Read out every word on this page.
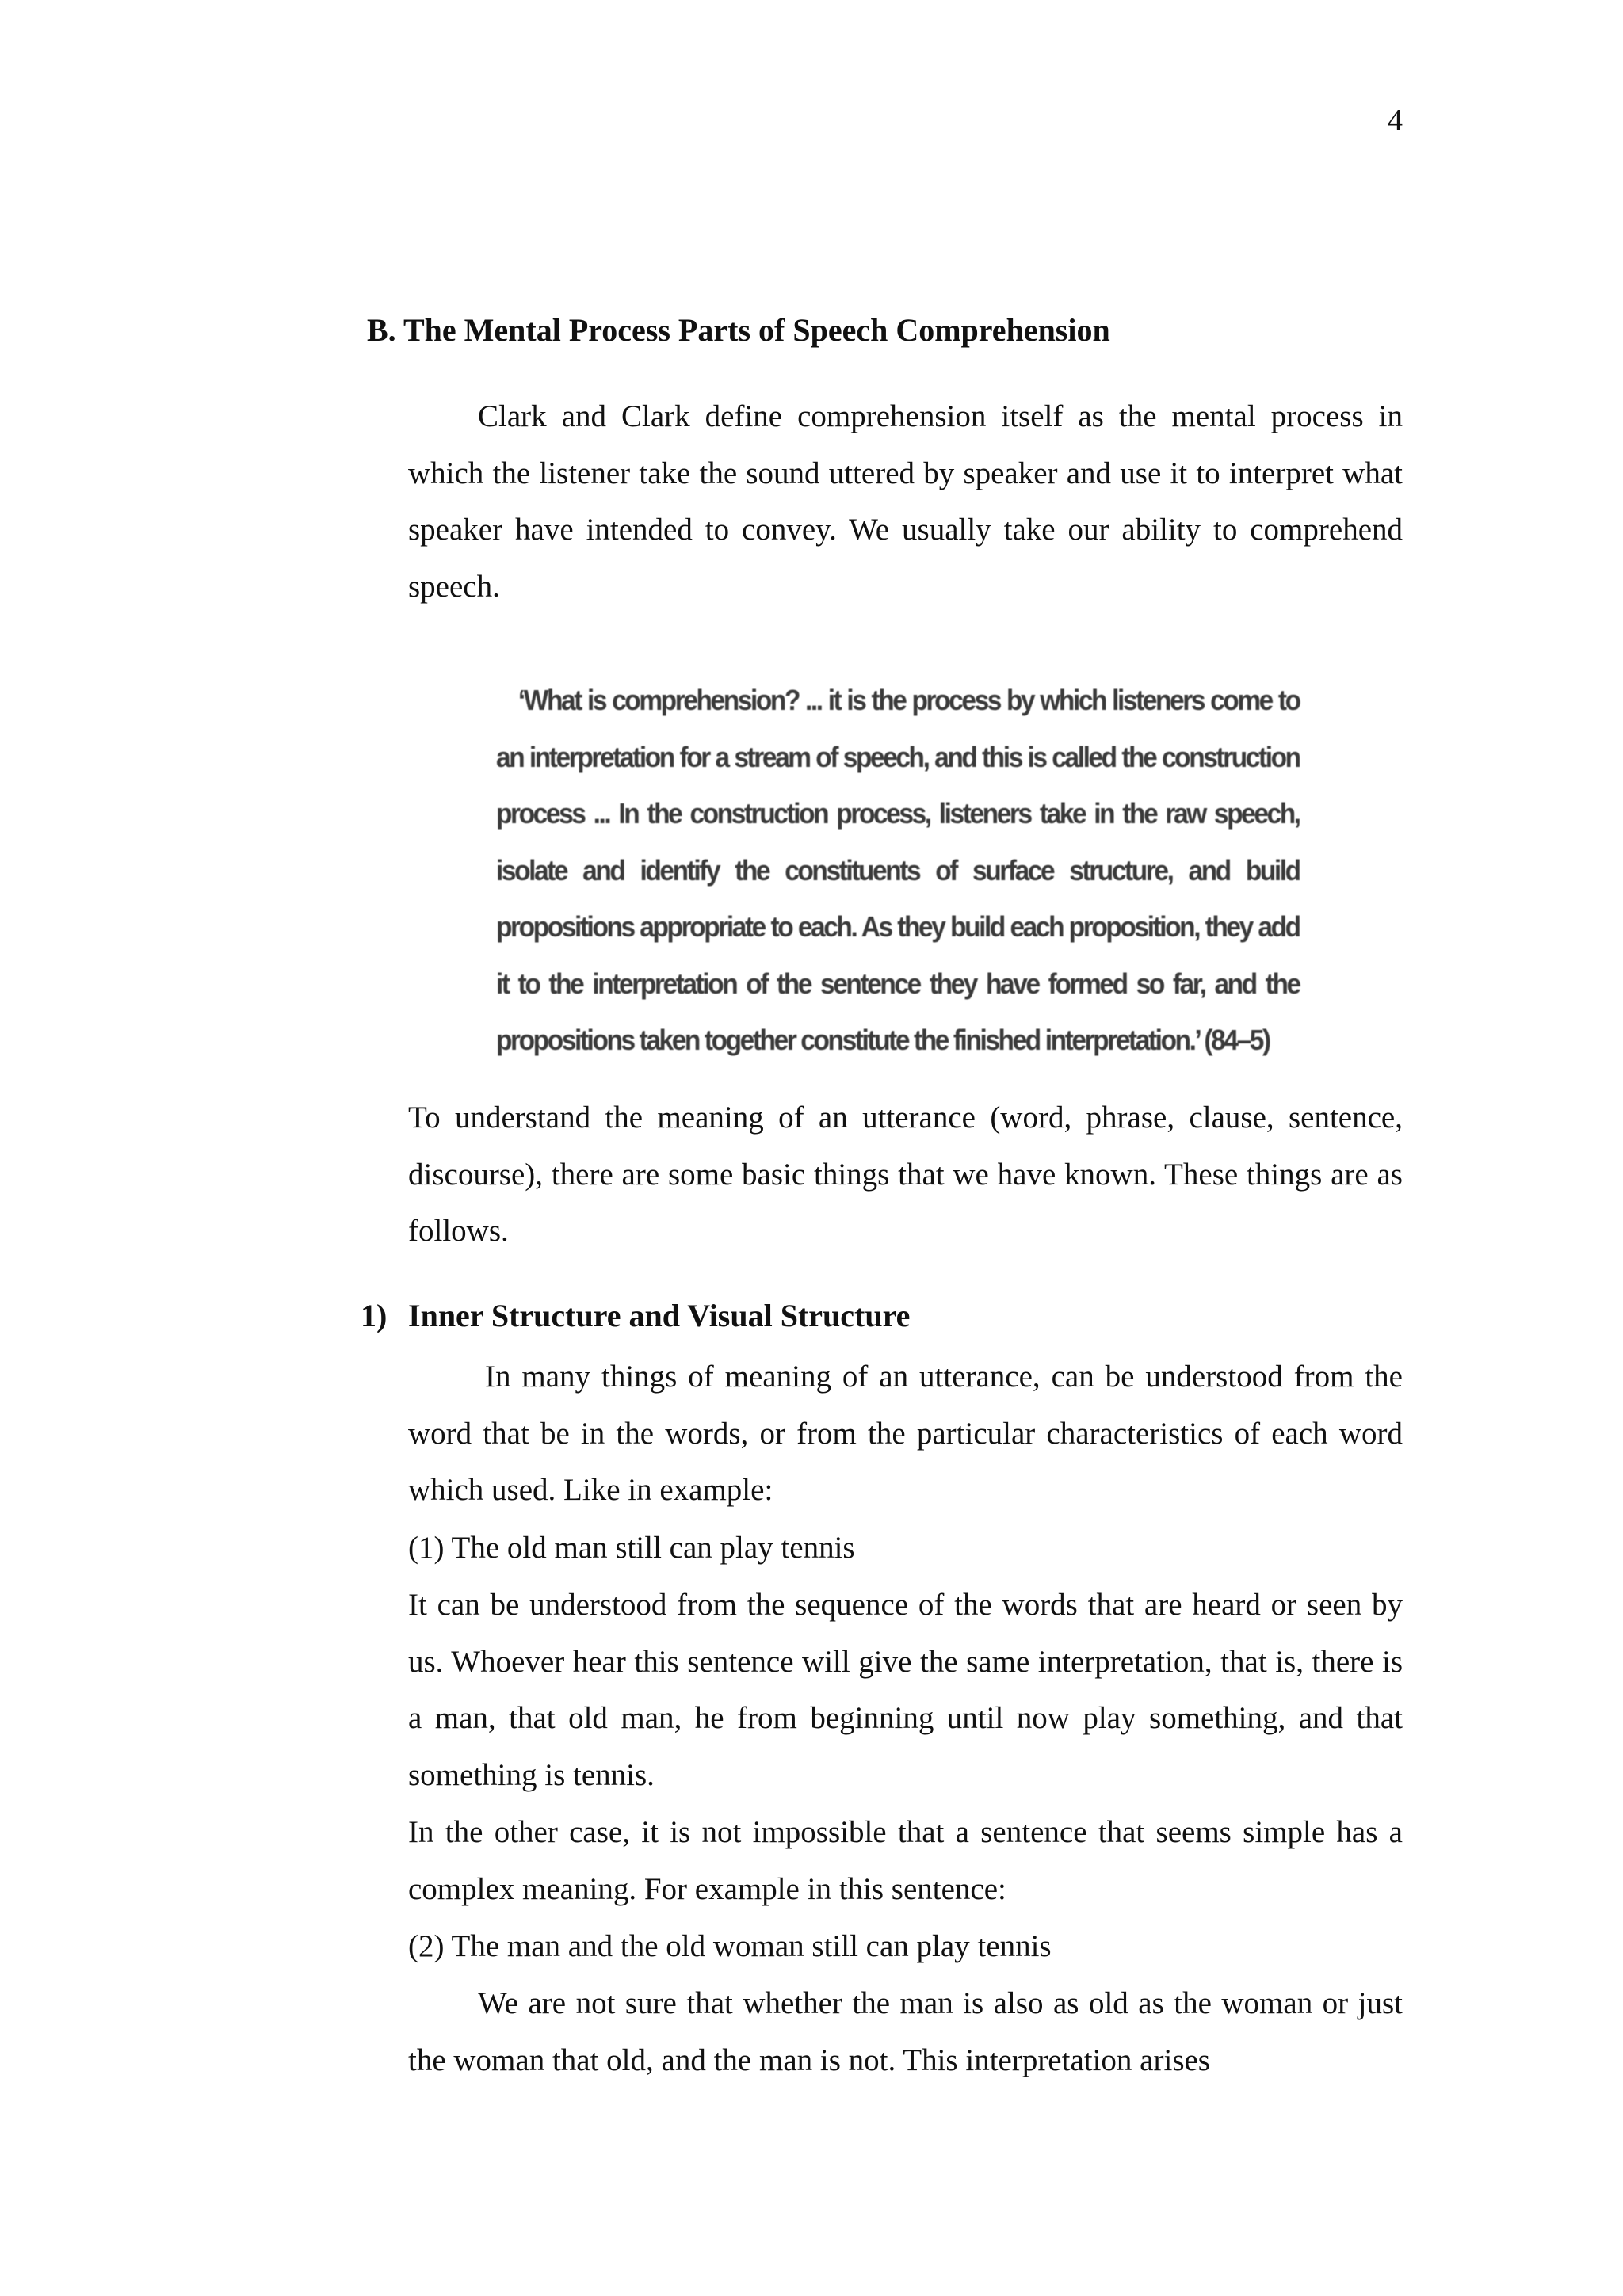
4
B. The Mental Process Parts of Speech Comprehension

Clark and Clark define comprehension itself as the mental process in which the listener take the sound uttered by speaker and use it to interpret what speaker have intended to convey. We usually take our ability to comprehend speech.

‘What is comprehension? ... it is the process by which listeners come to an interpretation for a stream of speech, and this is called the construction process ... In the construction process, listeners take in the raw speech, isolate and identify the constituents of surface structure, and build propositions appropriate to each. As they build each proposition, they add it to the interpretation of the sentence they have formed so far, and the propositions taken together constitute the finished interpretation.’ (84–5)

To understand the meaning of an utterance (word, phrase, clause, sentence, discourse), there are some basic things that we have known. These things are as follows.

1) Inner Structure and Visual Structure

In many things of meaning of an utterance, can be understood from the word that be in the words, or from the particular characteristics of each word which used. Like in example:

(1) The old man still can play tennis

It can be understood from the sequence of the words that are heard or seen by us. Whoever hear this sentence will give the same interpretation, that is, there is a man, that old man, he from beginning until now play something, and that something is tennis.

In the other case, it is not impossible that a sentence that seems simple has a complex meaning. For example in this sentence:

(2) The man and the old woman still can play tennis

We are not sure that whether the man is also as old as the woman or just the woman that old, and the man is not. This interpretation arises
